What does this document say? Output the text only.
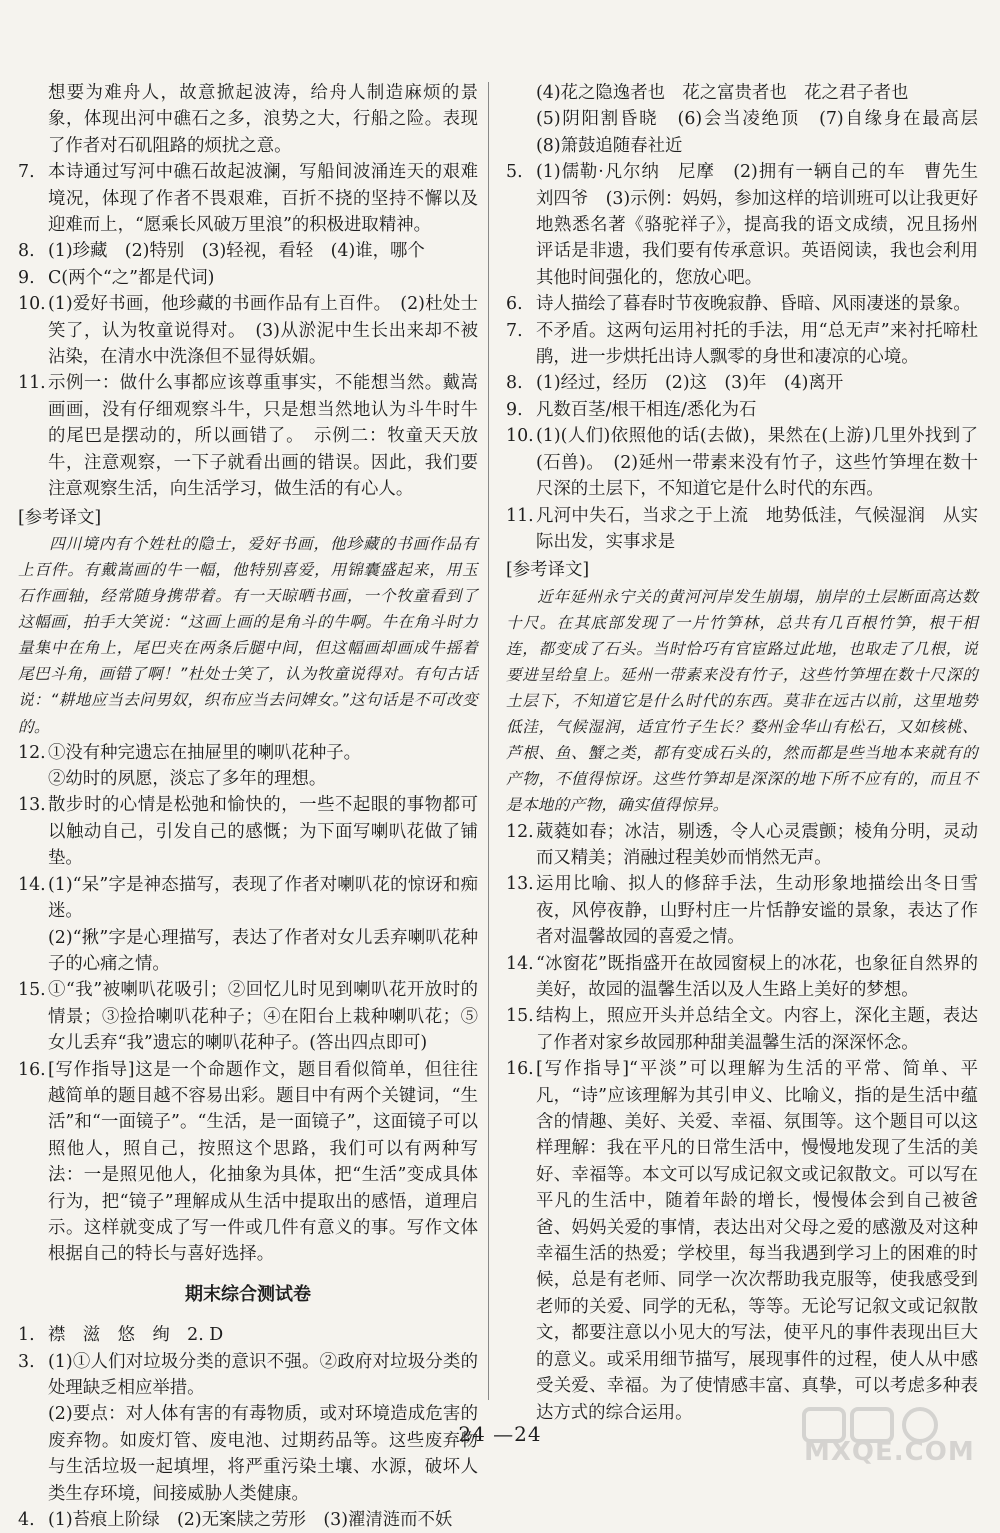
想要为难舟人，故意掀起波涛，给舟人制造麻烦的景象，体现出河中礁石之多，浪势之大，行船之险。表现了作者对石矶阻路的烦扰之意。
7. 本诗通过写河中礁石故起波澜，写船间波涌连天的艰难境况，体现了作者不畏艰难，百折不挠的坚持不懈以及迎难而上，“愿乘长风破万里浪”的积极进取精神。
8. (1)珍藏　(2)特别　(3)轻视，看轻　(4)谁，哪个
9. C(两个“之”都是代词)
10. (1)爱好书画，他珍藏的书画作品有上百件。　(2)杜处士笑了，认为牧童说得对。　(3)从淤泥中生长出来却不被沾染，在清水中洗涤但不显得妖媚。
11. 示例一：做什么事都应该尊重事实，不能想当然。戴嵩画画，没有仔细观察斗牛，只是想当然地认为斗牛时牛的尾巴是摆动的，所以画错了。　示例二：牧童天天放牛，注意观察，一下子就看出画的错误。因此，我们要注意观察生活，向生活学习，做生活的有心人。

[参考译文]

四川境内有个姓杜的隐士，爱好书画，他珍藏的书画作品有上百件。有戴嵩画的牛一幅，他特别喜爱，用锦囊盛起来，用玉石作画轴，经常随身携带着。有一天晾晒书画，一个牧童看到了这幅画，拍手大笑说：“这画上画的是角斗的牛啊。牛在角斗时力量集中在角上，尾巴夹在两条后腿中间，但这幅画却画成牛摇着尾巴斗角，画错了啊！”杜处士笑了，认为牧童说得对。有句古话说：“耕地应当去问男奴，织布应当去问婢女。”这句话是不可改变的。

12. ①没有种完遗忘在抽屉里的喇叭花种子。
②幼时的夙愿，淡忘了多年的理想。
13. 散步时的心情是松弛和愉快的，一些不起眼的事物都可以触动自己，引发自己的感慨；为下面写喇叭花做了铺垫。
14. (1)“呆”字是神态描写，表现了作者对喇叭花的惊讶和痴迷。
(2)“揪”字是心理描写，表达了作者对女儿丢弃喇叭花种子的心痛之情。
15. ①“我”被喇叭花吸引；②回忆儿时见到喇叭花开放时的情景；③捡拾喇叭花种子；④在阳台上栽种喇叭花；⑤女儿丢弃“我”遗忘的喇叭花种子。(答出四点即可)
16. [写作指导]这是一个命题作文，题目看似简单，但往往越简单的题目越不容易出彩。题目中有两个关键词，“生活”和“一面镜子”。“生活，是一面镜子”，这面镜子可以照他人，照自己，按照这个思路，我们可以有两种写法：一是照见他人，化抽象为具体，把“生活”变成具体行为，把“镜子”理解成从生活中提取出的感悟，道理启示。这样就变成了写一件或几件有意义的事。写作文体根据自己的特长与喜好选择。
期末综合测试卷
1. 襟　滋　悠　绚　2. D
3. (1)①人们对垃圾分类的意识不强。②政府对垃圾分类的处理缺乏相应举措。
(2)要点：对人体有害的有毒物质，或对环境造成危害的废弃物。如废灯管、废电池、过期药品等。这些废弃物与生活垃圾一起填埋，将严重污染土壤、水源，破坏人类生存环境，间接威胁人类健康。
4. (1)苔痕上阶绿　(2)无案牍之劳形　(3)濯清涟而不妖
(4)花之隐逸者也　花之富贵者也　花之君子者也
(5)阴阳割昏晓　(6)会当凌绝顶　(7)自缘身在最高层　(8)箫鼓追随春社近
5. (1)儒勒·凡尔纳　尼摩　(2)拥有一辆自己的车　曹先生　刘四爷　(3)示例：妈妈，参加这样的培训班可以让我更好地熟悉名著《骆驼祥子》，提高我的语文成绩，况且扬州评话是非遗，我们要有传承意识。英语阅读，我也会利用其他时间强化的，您放心吧。
6. 诗人描绘了暮春时节夜晚寂静、昏暗、风雨凄迷的景象。
7. 不矛盾。这两句运用衬托的手法，用“总无声”来衬托啼杜鹃，进一步烘托出诗人飘零的身世和凄凉的心境。
8. (1)经过，经历　(2)这　(3)年　(4)离开
9. 凡数百茎/根干相连/悉化为石
10. (1)(人们)依照他的话(去做)，果然在(上游)几里外找到了(石兽)。　(2)延州一带素来没有竹子，这些竹笋埋在数十尺深的土层下，不知道它是什么时代的东西。
11. 凡河中失石，当求之于上流　地势低洼，气候湿润　从实际出发，实事求是

[参考译文]

近年延州永宁关的黄河河岸发生崩塌，崩岸的土层断面高达数十尺。在其底部发现了一片竹笋林，总共有几百根竹笋，根干相连，都变成了石头。当时恰巧有官宦路过此地，也取走了几根，说要进呈给皇上。延州一带素来没有竹子，这些竹笋埋在数十尺深的土层下，不知道它是什么时代的东西。莫非在远古以前，这里地势低洼，气候湿润，适宜竹子生长？婺州金华山有松石，又如核桃、芦根、鱼、蟹之类，都有变成石头的，然而都是些当地本来就有的产物，不值得惊讶。这些竹笋却是深深的地下所不应有的，而且不是本地的产物，确实值得惊异。

12. 葳蕤如春；冰洁，剔透，令人心灵震颤；棱角分明，灵动而又精美；消融过程美妙而悄然无声。
13. 运用比喻、拟人的修辞手法，生动形象地描绘出冬日雪夜，风停夜静，山野村庄一片恬静安谧的景象，表达了作者对温馨故园的喜爱之情。
14. “冰窗花”既指盛开在故园窗棂上的冰花，也象征自然界的美好，故园的温馨生活以及人生路上美好的梦想。
15. 结构上，照应开头并总结全文。内容上，深化主题，表达了作者对家乡故园那种甜美温馨生活的深深怀念。
16. [写作指导]“平淡”可以理解为生活的平常、简单、平凡，“诗”应该理解为其引申义、比喻义，指的是生活中蕴含的情趣、美好、关爱、幸福、氛围等。这个题目可以这样理解：我在平凡的日常生活中，慢慢地发现了生活的美好、幸福等。本文可以写成记叙文或记叙散文。可以写在平凡的生活中，随着年龄的增长，慢慢体会到自己被爸爸、妈妈关爱的事情，表达出对父母之爱的感激及对这种幸福生活的热爱；学校里，每当我遇到学习上的困难的时候，总是有老师、同学一次次帮助我克服等，使我感受到老师的关爱、同学的无私，等等。无论写记叙文或记叙散文，都要注意以小见大的写法，使平凡的事件表现出巨大的意义。或采用细节描写，展现事件的过程，使人从中感受关爱、幸福。为了使情感丰富、真挚，可以考虑多种表达方式的综合运用。
24 —24
MXQE.COM
